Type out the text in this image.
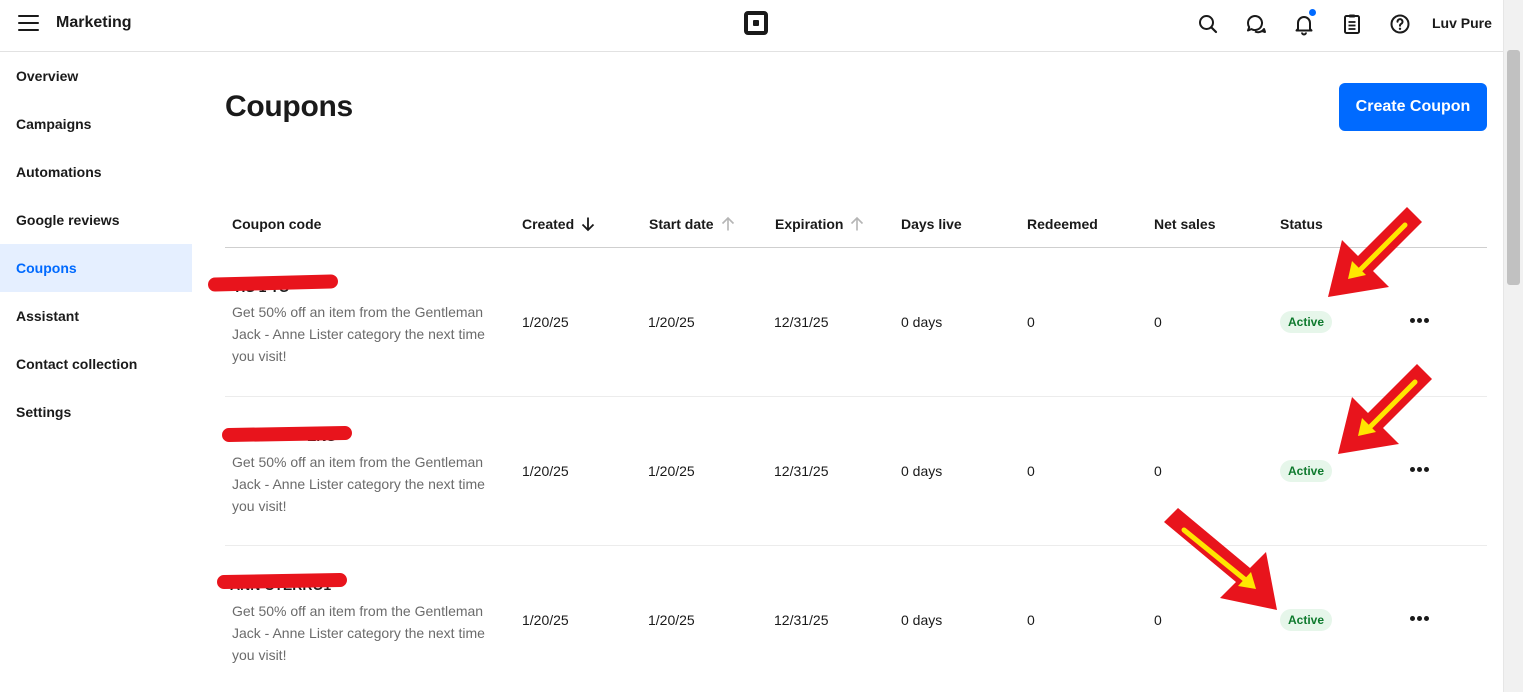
Marketing	Luv Pure
Overview
Campaigns
Automations
Google reviews
Coupons
Assistant
Contact collection
Settings
Coupons	Create Coupon
Coupon code	Created	Start date	Expiration	Days live	Redeemed	Net sales	Status
Get 50% off an item from the Gentleman Jack - Anne Lister category the next time you visit!
1/20/25	1/20/25	12/31/25	0 days	0	0	Active
Get 50% off an item from the Gentleman Jack - Anne Lister category the next time you visit!
1/20/25	1/20/25	12/31/25	0 days	0	0	Active
Get 50% off an item from the Gentleman Jack - Anne Lister category the next time you visit!
1/20/25	1/20/25	12/31/25	0 days	0	0	Active
